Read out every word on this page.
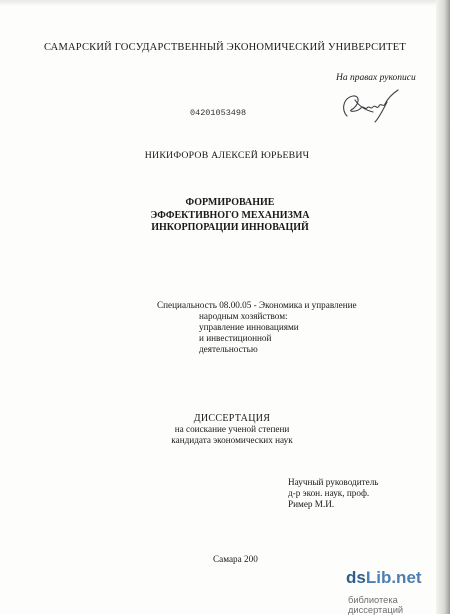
САМАРСКИЙ ГОСУДАРСТВЕННЫЙ ЭКОНОМИЧЕСКИЙ УНИВЕРСИТЕТ
На правах рукописи
04201053498
НИКИФОРОВ АЛЕКСЕЙ ЮРЬЕВИЧ
ФОРМИРОВАНИЕ
ЭФФЕКТИВНОГО МЕХАНИЗМА
ИНКОРПОРАЦИИ ИННОВАЦИЙ
Специальность 08.00.05 - Экономика и управление
народным хозяйством:
управление инновациями
и инвестиционной
деятельностью
ДИССЕРТАЦИЯ
на соискание ученой степени
кандидата экономических наук
Научный руководитель
д-р экон. наук, проф.
Ример М.И.
Самара 200
dsLib.net
библиотека диссертаций
